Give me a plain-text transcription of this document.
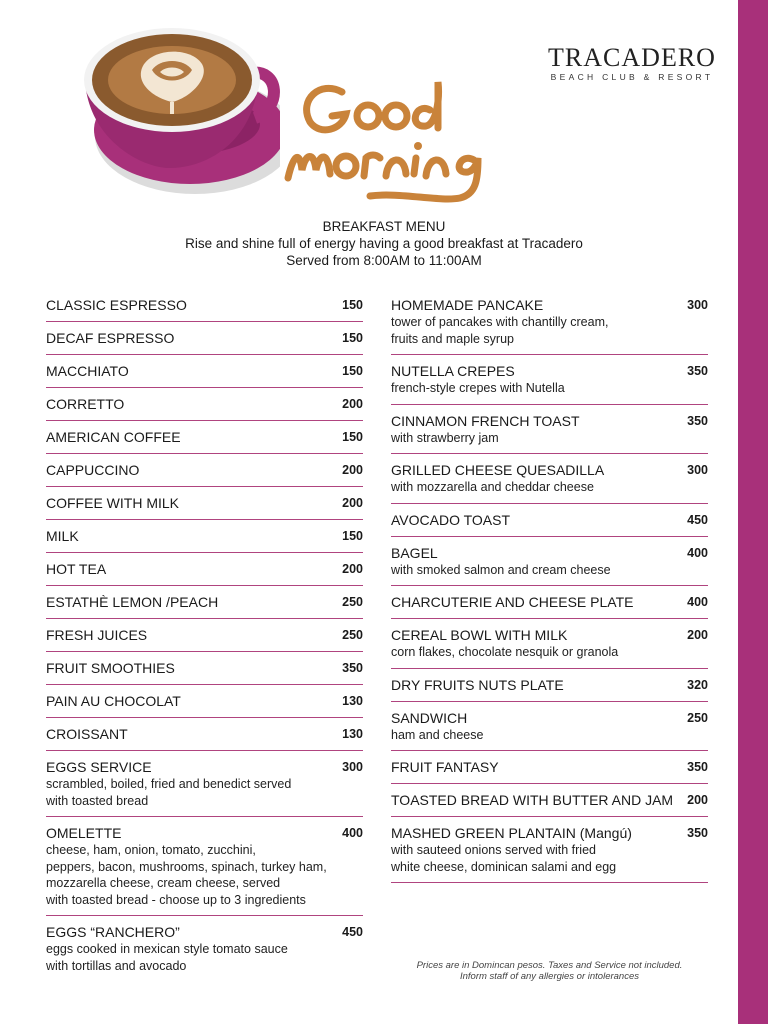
TRACADERO
BEACH CLUB & RESORT
BREAKFAST MENU
Rise and shine full of energy having a good breakfast at Tracadero
Served from 8:00AM to 11:00AM
CLASSIC ESPRESSO	150
DECAF ESPRESSO	150
MACCHIATO	150
CORRETTO	200
AMERICAN COFFEE	150
CAPPUCCINO	200
COFFEE WITH MILK	200
MILK	150
HOT TEA	200
ESTATHÈ LEMON /PEACH	250
FRESH JUICES	250
FRUIT SMOOTHIES	350
PAIN AU CHOCOLAT	130
CROISSANT	130
EGGS SERVICE	300
scrambled, boiled, fried and benedict served
with toasted bread
OMELETTE	400
cheese, ham, onion, tomato, zucchini,
peppers, bacon, mushrooms, spinach, turkey ham,
mozzarella cheese, cream cheese, served
with toasted bread - choose up to 3 ingredients
EGGS “RANCHERO”	450
eggs cooked in mexican style tomato sauce
with tortillas and avocado
HOMEMADE PANCAKE	300
tower of pancakes with chantilly cream,
fruits and maple syrup
NUTELLA CREPES	350
french-style crepes with Nutella
CINNAMON FRENCH TOAST	350
with strawberry jam
GRILLED CHEESE QUESADILLA	300
with mozzarella and cheddar cheese
AVOCADO TOAST	450
BAGEL	400
with smoked salmon and cream cheese
CHARCUTERIE AND CHEESE PLATE	400
CEREAL BOWL WITH MILK	200
corn flakes, chocolate nesquik or granola
DRY FRUITS NUTS PLATE	320
SANDWICH	250
ham and cheese
FRUIT FANTASY	350
TOASTED BREAD WITH BUTTER AND JAM 200
MASHED GREEN PLANTAIN (Mangú)	350
with sauteed onions served with fried
white cheese, dominican salami and egg
Prices are in Domincan pesos. Taxes and Service not included.
Inform staff of any allergies or intolerances
